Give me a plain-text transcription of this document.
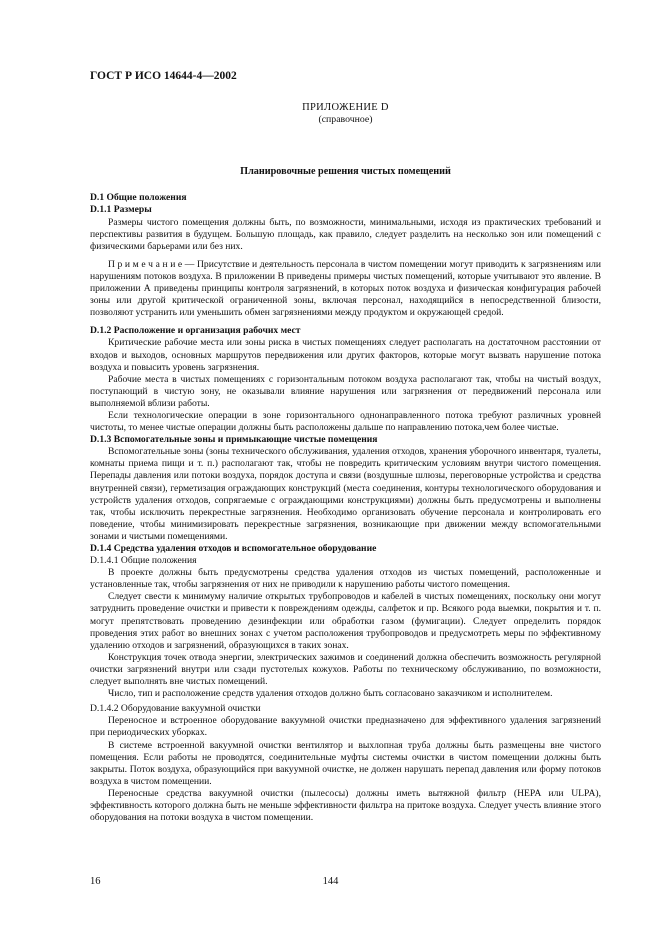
ГОСТ Р ИСО 14644-4—2002
ПРИЛОЖЕНИЕ D
(справочное)
Планировочные решения чистых помещений
D.1 Общие положения
D.1.1 Размеры

Размеры чистого помещения должны быть, по возможности, минимальными, исходя из практических требований и перспективы развития в будущем. Большую площадь, как правило, следует разделить на несколько зон или помещений с физическими барьерами или без них.

П р и м е ч а н и е — Присутствие и деятельность персонала в чистом помещении могут приводить к загрязнениям или нарушениям потоков воздуха. В приложении В приведены примеры чистых помещений, которые учитывают это явление. В приложении А приведены принципы контроля загрязнений, в которых поток воздуха и физическая конфигурация рабочей зоны или другой критической ограниченной зоны, включая персонал, находящийся в непосредственной близости, позволяют устранить или уменьшить обмен загрязнениями между продуктом и окружающей средой.

D.1.2 Расположение и организация рабочих мест

Критические рабочие места или зоны риска в чистых помещениях следует располагать на достаточном расстоянии от входов и выходов, основных маршрутов передвижения или других факторов, которые могут вызвать нарушение потока воздуха и повысить уровень загрязнения.

Рабочие места в чистых помещениях с горизонтальным потоком воздуха располагают так, чтобы на чистый воздух, поступающий в чистую зону, не оказывали влияние нарушения или загрязнения от передвижений персонала или выполняемой вблизи работы.

Если технологические операции в зоне горизонтального однонаправленного потока требуют различных уровней чистоты, то менее чистые операции должны быть расположены дальше по направлению потока,чем более чистые.

D.1.3 Вспомогательные зоны и примыкающие чистые помещения

Вспомогательные зоны (зоны технического обслуживания, удаления отходов, хранения уборочного инвентаря, туалеты, комнаты приема пищи и т. п.) располагают так, чтобы не повредить критическим условиям внутри чистого помещения. Перепады давления или потоки воздуха, порядок доступа и связи (воздушные шлюзы, переговорные устройства и средства внутренней связи), герметизация ограждающих конструкций (места соединения, контуры технологического оборудования и устройств удаления отходов, сопрягаемые с ограждающими конструкциями) должны быть предусмотрены и выполнены так, чтобы исключить перекрестные загрязнения. Необходимо организовать обучение персонала и контролировать его поведение, чтобы минимизировать перекрестные загрязнения, возникающие при движении между вспомогательными зонами и чистыми помещениями.

D.1.4 Средства удаления отходов и вспомогательное оборудование

D.1.4.1 Общие положения

В проекте должны быть предусмотрены средства удаления отходов из чистых помещений, расположенные и установленные так, чтобы загрязнения от них не приводили к нарушению работы чистого помещения.

Следует свести к минимуму наличие открытых трубопроводов и кабелей в чистых помещениях, поскольку они могут затруднить проведение очистки и привести к повреждениям одежды, салфеток и пр. Всякого рода выемки, покрытия и т. п. могут препятствовать проведению дезинфекции или обработки газом (фумигации). Следует определить порядок проведения этих работ во внешних зонах с учетом расположения трубопроводов и предусмотреть меры по эффективному удалению отходов и загрязнений, образующихся в таких зонах.

Конструкция точек отвода энергии, электрических зажимов и соединений должна обеспечить возможность регулярной очистки загрязнений внутри или сзади пустотелых кожухов. Работы по техническому обслуживанию, по возможности, следует выполнять вне чистых помещений.

Число, тип и расположение средств удаления отходов должно быть согласовано заказчиком и исполнителем.

D.1.4.2 Оборудование вакуумной очистки

Переносное и встроенное оборудование вакуумной очистки предназначено для эффективного удаления загрязнений при периодических уборках.

В системе встроенной вакуумной очистки вентилятор и выхлопная труба должны быть размещены вне чистого помещения. Если работы не проводятся, соединительные муфты системы очистки в чистом помещении должны быть закрыты. Поток воздуха, образующийся при вакуумной очистке, не должен нарушать перепад давления или форму потоков воздуха в чистом помещении.

Переносные средства вакуумной очистки (пылесосы) должны иметь вытяжной фильтр (HEPA или ULPA), эффективность которого должна быть не меньше эффективности фильтра на притоке воздуха. Следует учесть влияние этого оборудования на потоки воздуха в чистом помещении.

144
16
